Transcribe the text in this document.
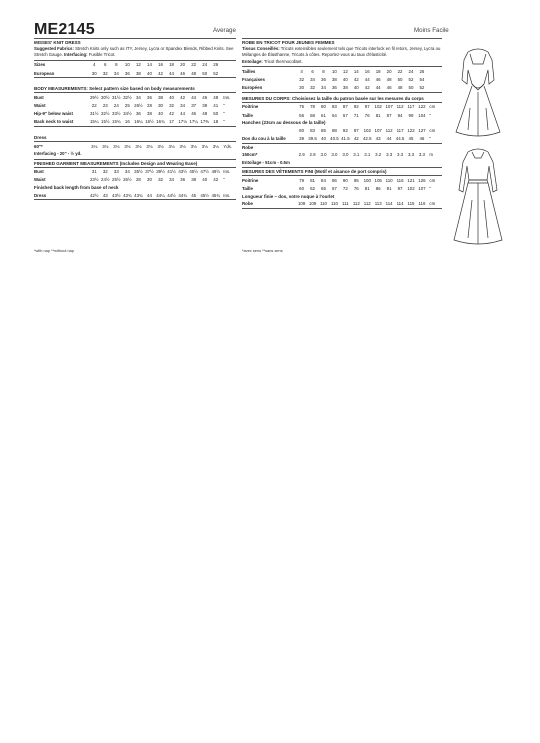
ME2145	Average	Moins Facile
MISSES' KNIT DRESS
Suggested Fabrics: Stretch Knits only such as ITY, Jersey, Lycra or Spandex Blends, Ribbed Knits. See Stretch Gauge. Interfacing: Fusible Tricot.
Sizes	4	6	8	10	12	14	16	18	20	22	24	26	
European	30	32	34	36	38	40	42	44	46	48	50	52	
BODY MEASUREMENTS: Select pattern size based on body measurements
Bust	29½	30½	31½	32½	34	36	38	40	42	44	46	48	Ins.
Waist	22	23	24	25	26½	28	30	32	34	37	39	41	"
Hip-9" below waist	31½	32½	33½	34½	36	38	40	42	44	46	48	50	"
Back neck to waist	15¼	15½	15¾	16	16¼	16½	16¾	17	17⅛	17¼	17⅜	18	"
Dress
60"*	3⅛	3⅛	3⅛	3⅛	3⅛	3⅛	3⅛	3⅛	3⅛	3⅛	3⅛	3⅛	Yds.
Interfacing - 20" - ½ yd.
FINISHED GARMENT MEASUREMENTS (Includes Design and Wearing Ease)
Bust	31	32	33	34	35½	37½	39½	41½	43½	45½	47½	49½	Ins.
Waist	23½	24½	25½	26½	28	30	32	34	36	38	40	42	"
Finished back length from base of neck
Dress	42½	43	43½	43¾	43¾	44	44¼	44½	44¾	45	45½	45¾	Ins.
ROBE EN TRICOT POUR JEUNES FEMMES
Tissus Conseillés: Tricots extensibles seulement tels que Tricots interlock en fil retors, Jersey, Lycra ou Mélanges de Élasthanne, Tricots à côtes. Reportez-vous au taux d'élasticité.
Entoilage: Tricot thermocollant.
Tailles	4	6	8	10	12	14	16	18	20	22	24	26	
Françaises	32	34	36	38	40	42	44	46	48	50	52	54	
Européen	30	32	34	36	38	40	42	44	46	48	50	52	
MESURES DU CORPS: Choisissez la taille du patron basée sur les mesures du corps
Poitrine	75	78	80	83	87	92	97	102	107	112	117	122	cm
Taille	56	58	61	64	67	71	76	81	87	94	99	104	"
Hanches (23cm au dessous de la taille)
	80	83	85	88	92	97	102	107	112	117	122	127	cm
Dos du cou à la taille	39	39.5	40	40.5	41.5	42	42.5	43	44	44.5	45	46	"
Robe
150cm*	2.9	2.9	3.0	3.0	3.0	3.1	3.1	3.2	3.3	3.3	3.3	3.3	m
Entoilage - 51cm - 0.5m
MESURES DES VÊTEMENTS FINI (Motif et aisance de port compris)
Poitrine	79	81	84	86	90	95	100	105	110	116	121	126	cm
Taille	60	62	65	67	72	76	81	86	91	97	102	107	"
Longueur finie – dos, votre nuque à l'ourlet
Robe	109	109	110	110	111	112	112	113	114	114	115	116	cm
*with nap **without nap	*avec sens **sans sens
